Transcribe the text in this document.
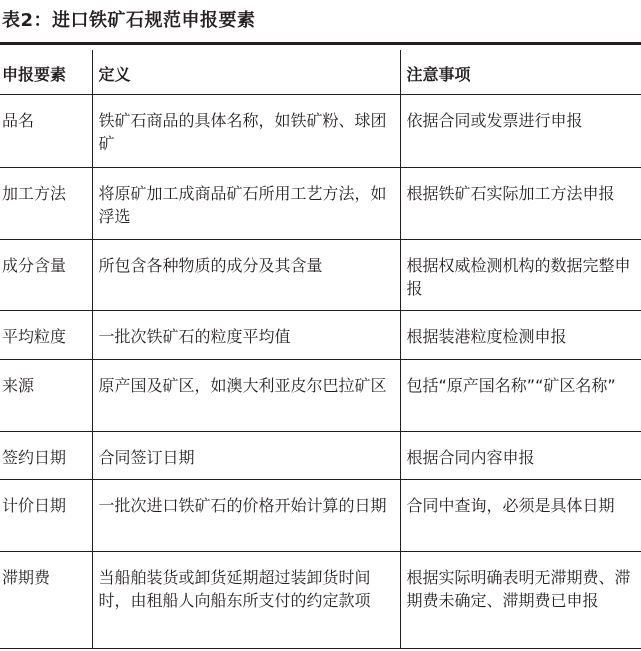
表2：进口铁矿石规范申报要素
申报要素	定义	注意事项
品名	铁矿石商品的具体名称，如铁矿粉、球团矿	依据合同或发票进行申报
加工方法	将原矿加工成商品矿石所用工艺方法，如浮选	根据铁矿石实际加工方法申报
成分含量	所包含各种物质的成分及其含量	根据权威检测机构的数据完整申报
平均粒度	一批次铁矿石的粒度平均值	根据装港粒度检测申报
来源	原产国及矿区，如澳大利亚皮尔巴拉矿区	包括“原产国名称”“矿区名称”
签约日期	合同签订日期	根据合同内容申报
计价日期	一批次进口铁矿石的价格开始计算的日期	合同中查询，必须是具体日期
滞期费	当船舶装货或卸货延期超过装卸货时间时，由租船人向船东所支付的约定款项	根据实际明确表明无滞期费、滞期费未确定、滞期费已申报
